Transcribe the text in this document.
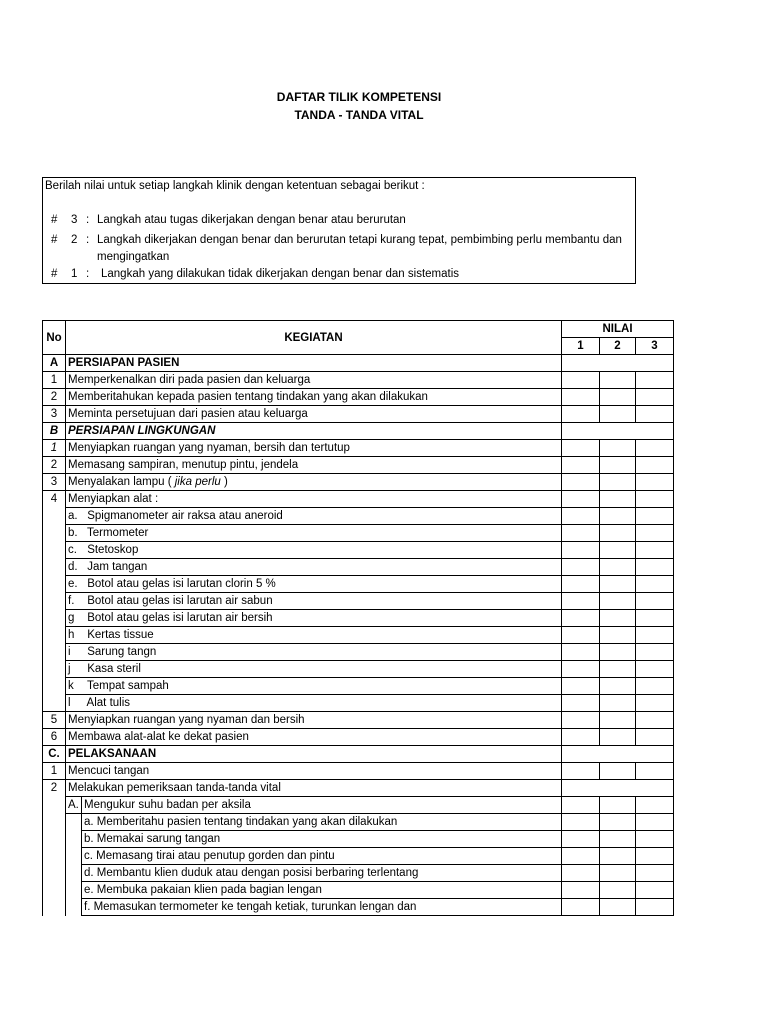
DAFTAR TILIK KOMPETENSI
TANDA - TANDA VITAL
Berilah nilai untuk setiap langkah klinik dengan ketentuan sebagai berikut :
# 3 : Langkah atau tugas dikerjakan dengan benar atau berurutan
# 2 : Langkah dikerjakan dengan benar dan berurutan tetapi kurang tepat, pembimbing perlu membantu dan mengingatkan
# 1 : Langkah yang dilakukan tidak dikerjakan dengan benar dan sistematis
No	KEGIATAN		NILAI		
			1	2	3
A	PERSIAPAN PASIEN				
1	Memperkenalkan diri pada pasien dan keluarga				
2	Memberitahukan kepada pasien tentang tindakan yang akan dilakukan				
3	Meminta persetujuan dari pasien atau keluarga				
B	PERSIAPAN LINGKUNGAN				
1	Menyiapkan ruangan yang nyaman, bersih dan tertutup				
2	Memasang sampiran, menutup pintu, jendela				
3	Menyalakan lampu ( jika perlu )				
4	Menyiapkan alat :				
	a. Spigmanometer air raksa atau aneroid				
	b. Termometer				
	c. Stetoskop				
	d. Jam tangan				
	e. Botol atau gelas isi larutan clorin 5 %				
	f. Botol atau gelas isi larutan air sabun				
	g Botol atau gelas isi larutan air bersih				
	h Kertas tissue				
	i Sarung tangn				
	j Kasa steril				
	k Tempat sampah				
	l Alat tulis				
5	Menyiapkan ruangan yang nyaman dan bersih				
6	Membawa alat-alat ke dekat pasien				
C.	PELAKSANAAN				
1	Mencuci tangan				
2	Melakukan pemeriksaan tanda-tanda vital				
	A.	Mengukur suhu badan per aksila			
		a. Memberitahu pasien tentang tindakan yang akan dilakukan			
		b. Memakai sarung tangan			
		c. Memasang tirai atau penutup gorden dan pintu			
		d. Membantu klien duduk atau dengan posisi berbaring terlentang			
		e. Membuka pakaian klien pada bagian lengan			
		f. Memasukan termometer ke tengah ketiak, turunkan lengan dan			
